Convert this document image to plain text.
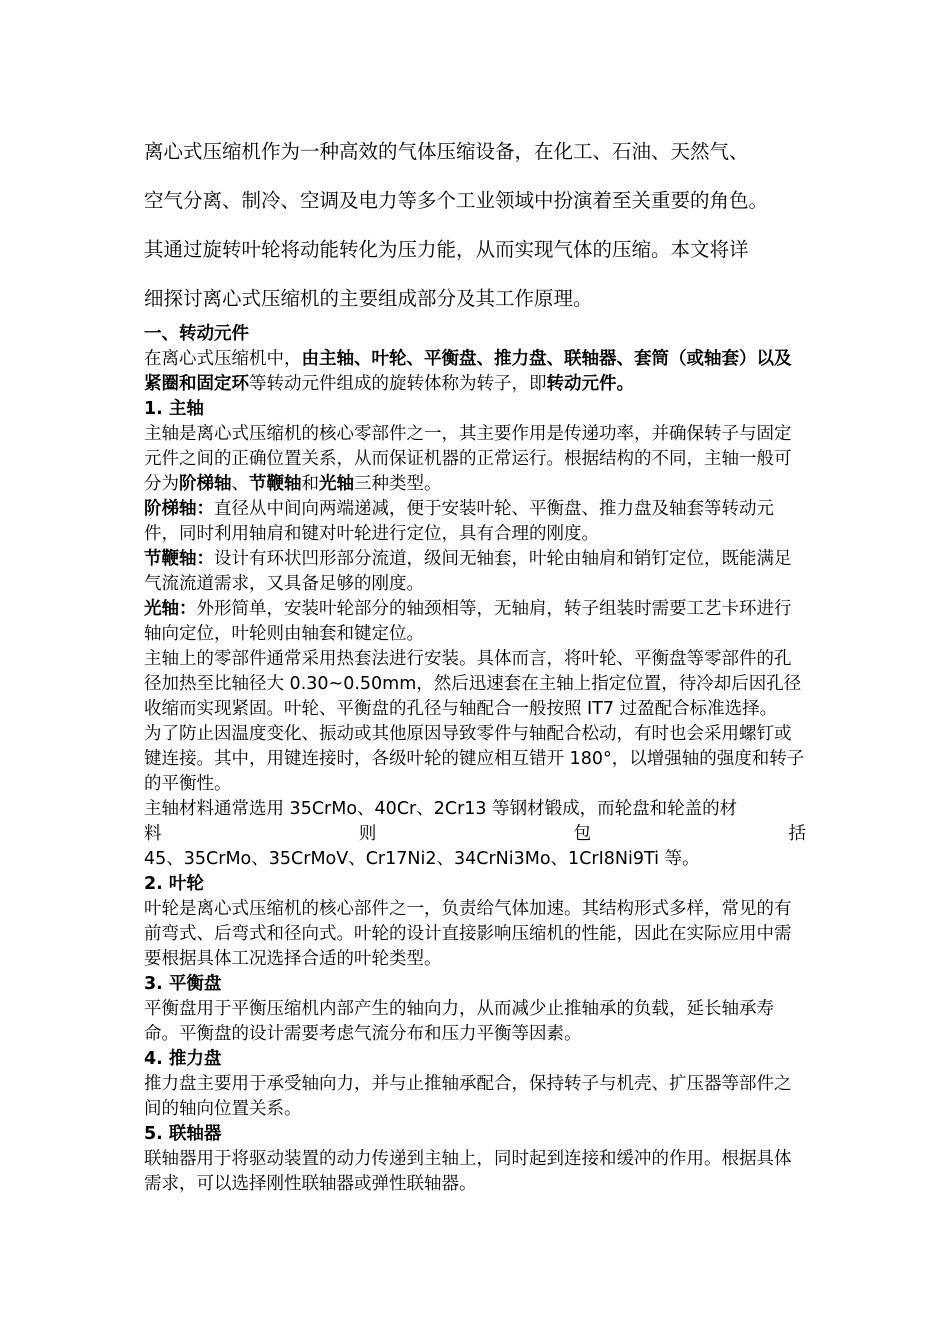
离心式压缩机作为一种高效的气体压缩设备，在化工、石油、天然气、
空气分离、制冷、空调及电力等多个工业领域中扮演着至关重要的角色。
其通过旋转叶轮将动能转化为压力能，从而实现气体的压缩。本文将详
细探讨离心式压缩机的主要组成部分及其工作原理。

一、转动元件

在离心式压缩机中，由主轴、叶轮、平衡盘、推力盘、联轴器、套筒（或轴套）以及紧圈和固定环等转动元件组成的旋转体称为转子，即转动元件。

1. 主轴

主轴是离心式压缩机的核心零部件之一，其主要作用是传递功率，并确保转子与固定元件之间的正确位置关系，从而保证机器的正常运行。根据结构的不同，主轴一般可分为阶梯轴、节鞭轴和光轴三种类型。

阶梯轴：直径从中间向两端递减，便于安装叶轮、平衡盘、推力盘及轴套等转动元件，同时利用轴肩和键对叶轮进行定位，具有合理的刚度。

节鞭轴：设计有环状凹形部分流道，级间无轴套，叶轮由轴肩和销钉定位，既能满足气流流道需求，又具备足够的刚度。

光轴：外形简单，安装叶轮部分的轴颈相等，无轴肩，转子组装时需要工艺卡环进行轴向定位，叶轮则由轴套和键定位。

主轴上的零部件通常采用热套法进行安装。具体而言，将叶轮、平衡盘等零部件的孔径加热至比轴径大 0.30~0.50mm，然后迅速套在主轴上指定位置，待冷却后因孔径收缩而实现紧固。叶轮、平衡盘的孔径与轴配合一般按照 IT7 过盈配合标准选择。

为了防止因温度变化、振动或其他原因导致零件与轴配合松动，有时也会采用螺钉或键连接。其中，用键连接时，各级叶轮的键应相互错开 180°，以增强轴的强度和转子的平衡性。

主轴材料通常选用 35CrMo、40Cr、2Cr13 等钢材锻成，而轮盘和轮盖的材

料	则	包	括

45、35CrMo、35CrMoV、Cr17Ni2、34CrNi3Mo、1CrI8Ni9Ti 等。

2. 叶轮

叶轮是离心式压缩机的核心部件之一，负责给气体加速。其结构形式多样，常见的有前弯式、后弯式和径向式。叶轮的设计直接影响压缩机的性能，因此在实际应用中需要根据具体工况选择合适的叶轮类型。

3. 平衡盘

平衡盘用于平衡压缩机内部产生的轴向力，从而减少止推轴承的负载，延长轴承寿命。平衡盘的设计需要考虑气流分布和压力平衡等因素。

4. 推力盘

推力盘主要用于承受轴向力，并与止推轴承配合，保持转子与机壳、扩压器等部件之间的轴向位置关系。

5. 联轴器

联轴器用于将驱动装置的动力传递到主轴上，同时起到连接和缓冲的作用。根据具体需求，可以选择刚性联轴器或弹性联轴器。
